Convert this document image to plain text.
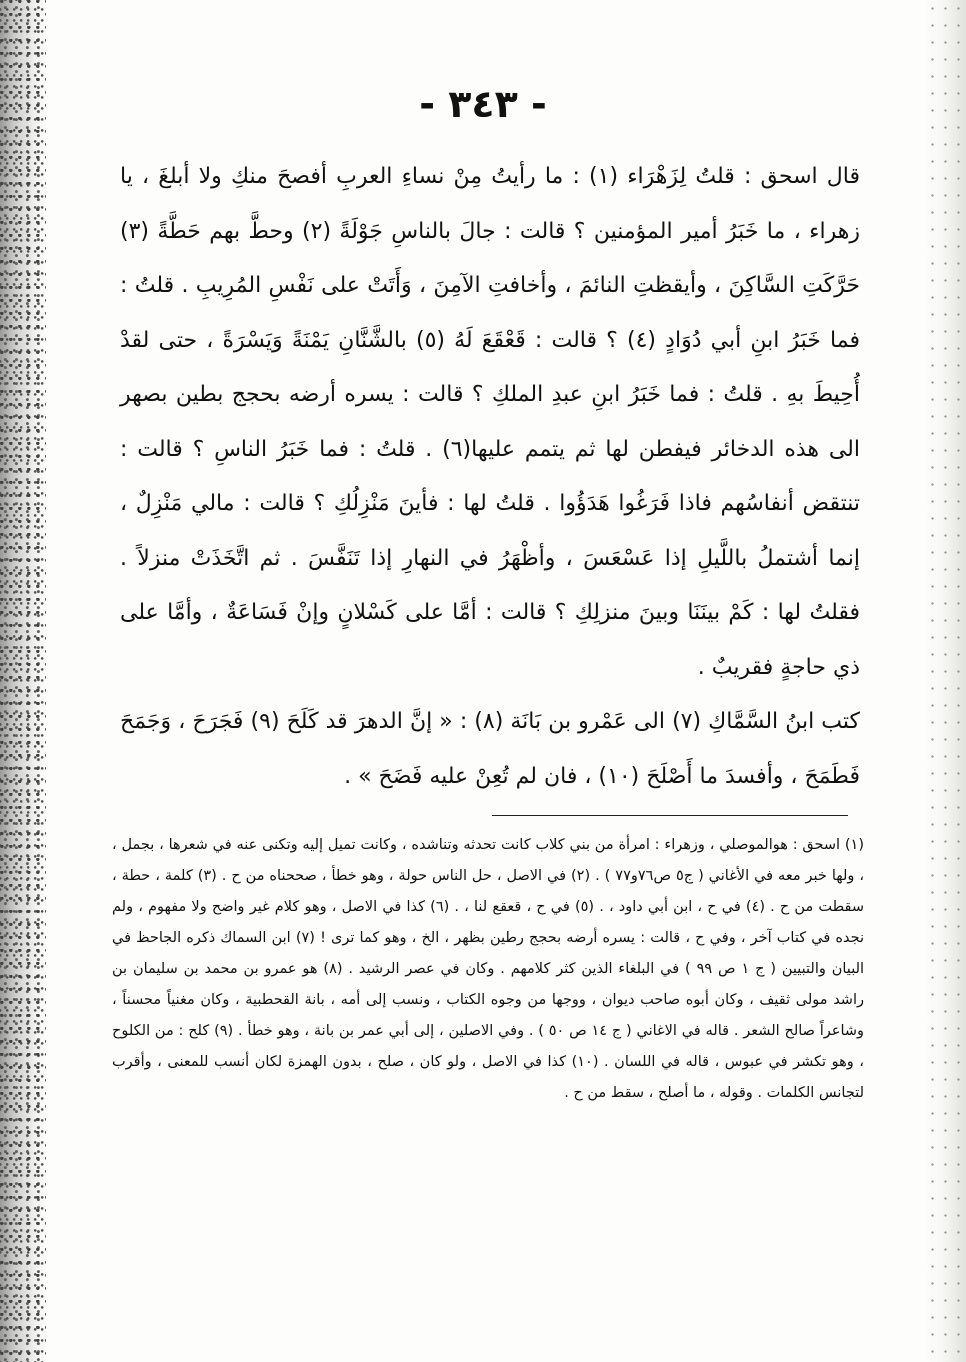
- ٣٤٣ -

قال اسحق : قلتُ لِزَهْرَاء (١) : ما رأيتُ مِنْ نساءِ العربِ أفصحَ منكِ ولا أبلغَ ، يا زهراء ، ما خَبَرُ أمير المؤمنين ؟ قالت : جالَ بالناسِ جَوْلَةً (٢) وحطَّ بهم حَطَّةً (٣) حَرَّكَتِ السَّاكِنَ ، وأيقظتِ النائمَ ، وأخافتِ الآمِنَ ، وَأَتَتْ على نَفْسِ المُرِيبِ . قلتُ : فما خَبَرُ ابنِ أبي دُوَادٍ (٤) ؟ قالت : قَعْقَعَ لَهُ (٥) بالشَّنَّانِ يَمْنَةً وَيَسْرَةً ، حتى لقدْ أُحِيطَ بهِ . قلتُ : فما خَبَرُ ابنِ عبدِ الملكِ ؟ قالت : يسره أرضه بحجج بطين بصهر الى هذه الدخائر فيفطن لها ثم يتمم عليها(٦) . قلتُ : فما خَبَرُ الناسِ ؟ قالت : تنتقض أنفاسُهم فاذا فَرَغُوا هَدَؤُوا . قلتُ لها : فأينَ مَنْزِلُكِ ؟ قالت : مالي مَنْزِلٌ ، إنما أشتملُ باللَّيلِ إذا عَسْعَسَ ، وأظْهَرُ في النهارِ إذا تَنَفَّسَ . ثم اتَّخَذَتْ منزلاً . فقلتُ لها : كَمْ بينَنَا وبينَ منزلِكِ ؟ قالت : أمَّا على كَسْلانٍ وإنْ فَسَاعَةٌ ، وأمَّا على ذي حاجةٍ فقريبٌ .

كتب ابنُ السَّمَّاكِ (٧) الى عَمْرو بن بَانَة (٨) : « إنَّ الدهرَ قد كَلَحَ (٩) فَجَرَحَ ، وَجَمَحَ فَطَمَحَ ، وأفسدَ ما أَصْلَحَ (١٠) ، فان لم تُعِنْ عليه فَضَحَ » .

(١) اسحق : هوالموصلي ، وزهراء : امرأة من بني كلاب كانت تحدثه وتناشده ، وكانت تميل إليه وتكنى عنه في شعرها ، بجمل ، ، ولها خبر معه في الأغاني ( ج٥ ص٧٦و٧٧ ) . (٢) في الاصل ، حل الناس حولة ، وهو خطأ ، صححناه من ح . (٣) كلمة ، حطة ، سقطت من ح . (٤) في ح ، ابن أبي داود ، . (٥) في ح ، قعقع لنا ، . (٦) كذا في الاصل ، وهو كلام غير واضح ولا مفهوم ، ولم نجده في كتاب آخر ، وفي ح ، قالت : يسره أرضه بحجج رطين بظهر ، الخ ، وهو كما ترى ! (٧) ابن السماك ذكره الجاحظ في البيان والتبيين ( ج ١ ص ٩٩ ) في البلغاء الذين كثر كلامهم . وكان في عصر الرشيد . (٨) هو عمرو بن محمد بن سليمان بن راشد مولى ثقيف ، وكان أبوه صاحب ديوان ، ووجها من وجوه الكتاب ، ونسب إلى أمه ، بانة القحطبية ، وكان مغنياً محسناً ، وشاعراً صالح الشعر . قاله في الاغاني ( ج ١٤ ص ٥٠ ) . وفي الاصلين ، إلى أبي عمر بن بانة ، وهو خطأ . (٩) كلح : من الكلوح ، وهو تكشر في عبوس ، قاله في اللسان . (١٠) كذا في الاصل ، ولو كان ، صلح ، بدون الهمزة لكان أنسب للمعنى ، وأقرب لتجانس الكلمات . وقوله ، ما أصلح ، سقط من ح .
